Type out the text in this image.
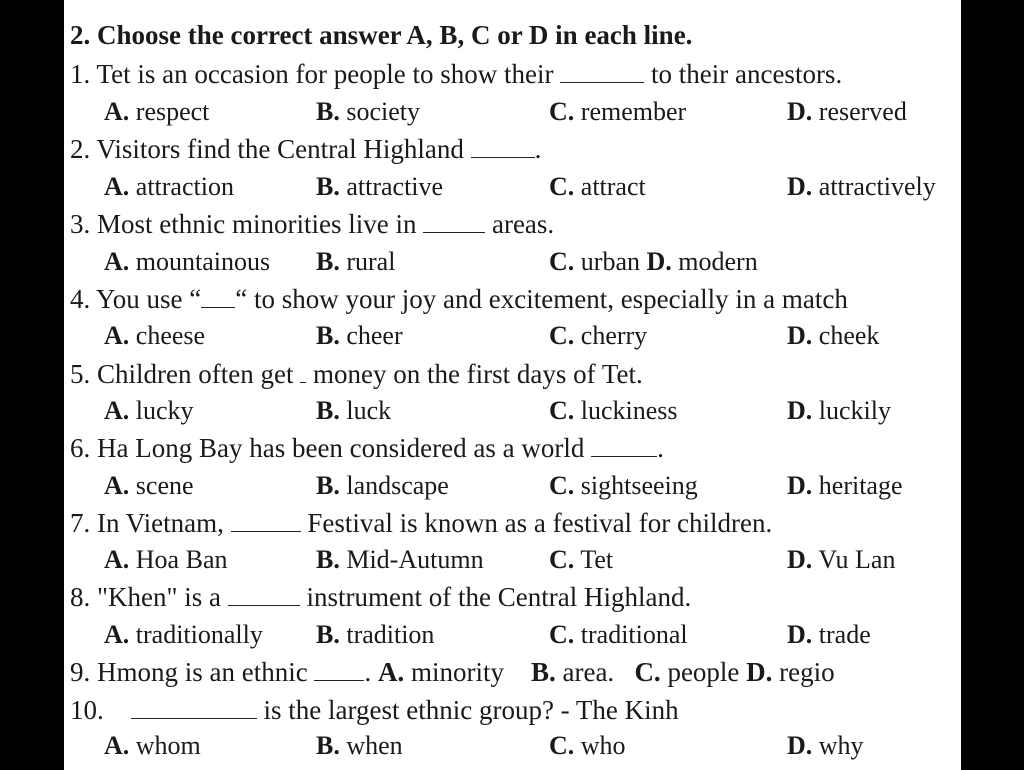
2. Choose the correct answer A, B, C or D in each line.
1. Tet is an occasion for people to show their	to their ancestors.
A. respect	B. society	C. remember	D. reserved
2. Visitors find the Central Highland	.
A. attraction	B. attractive	C. attract	D. attractively
3. Most ethnic minorities live in	areas.
A. mountainous B. rural	C. urban D. modern
4. You use “ “ to show your joy and excitement, especially in a match
A. cheese	B. cheer	C. cherry	D. cheek
5. Children often get money on the first days of Tet.
A. lucky	B. luck	C. luckiness	D. luckily
6. Ha Long Bay has been considered as a world	.
A. scene	B. landscape	C. sightseeing	D. heritage
7. In Vietnam,	Festival is known as a festival for children.
A. Hoa Ban	B. Mid-Autumn	C. Tet	D. Vu Lan
8. "Khen" is a	instrument of the Central Highland.
A. traditionally B. tradition	C. traditional	D. trade
9. Hmong is an ethnic . A. minority B. area. C. people D. regio
10.	is the largest ethnic group? - The Kinh
A. whom	B. when	C. who	D. why
